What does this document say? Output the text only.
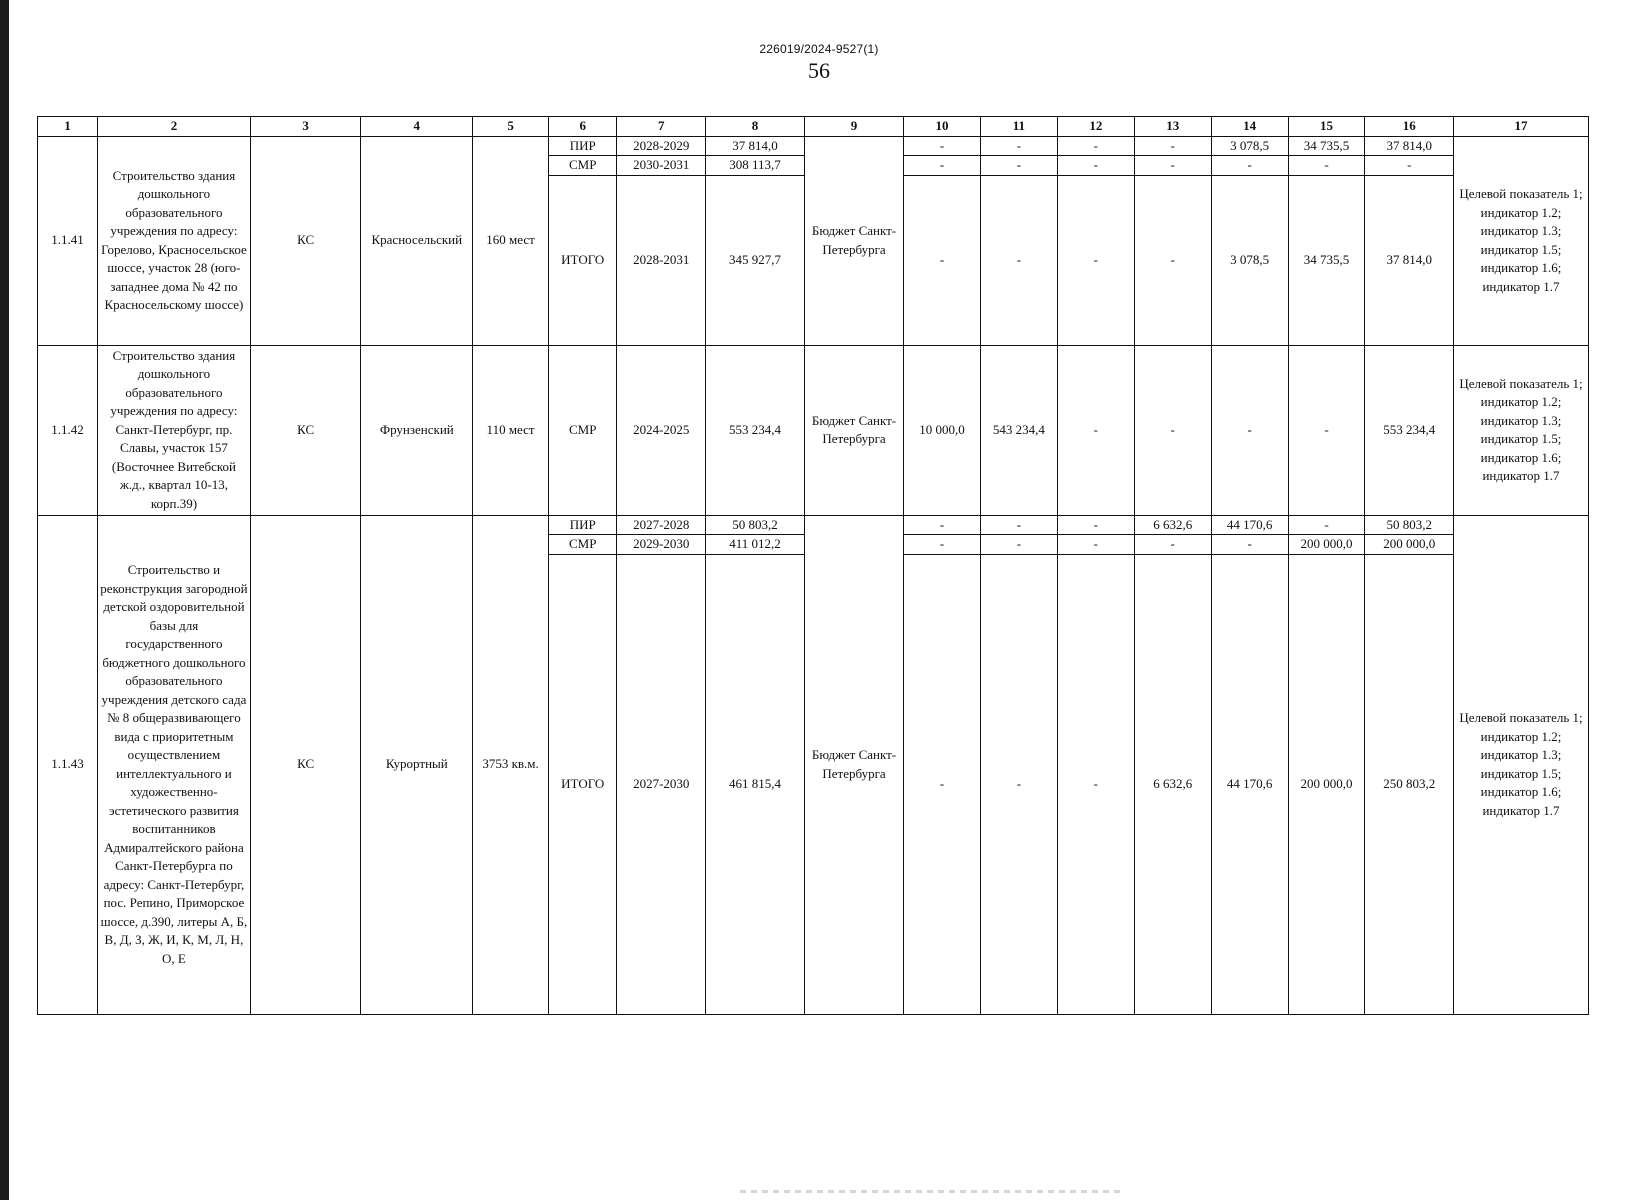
226019/2024-9527(1)
56
1	2	3	4	5	6	7	8	9	10	11	12	13	14	15	16	17
1.1.41	Строительство здания дошкольного образовательного учреждения по адресу: Горелово, Красносельское шоссе, участок 28 (юго-западнее дома № 42 по Красносельскому шоссе)	КС	Красносельский	160 мест	ПИР	2028-2029	37 814,0	Бюджет Санкт-Петербурга	-	-	-	-	3 078,5	34 735,5	37 814,0	Целевой показатель 1; индикатор 1.2; индикатор 1.3; индикатор 1.5; индикатор 1.6; индикатор 1.7
					СМР	2030-2031	308 113,7		-	-	-	-	-	-	-	
					ИТОГО	2028-2031	345 927,7		-	-	-	-	3 078,5	34 735,5	37 814,0	
1.1.42	Строительство здания дошкольного образовательного учреждения по адресу: Санкт-Петербург, пр. Славы, участок 157 (Восточнее Витебской ж.д., квартал 10-13, корп.39)	КС	Фрунзенский	110 мест	СМР	2024-2025	553 234,4	Бюджет Санкт-Петербурга	10 000,0	543 234,4	-	-	-	-	553 234,4	Целевой показатель 1; индикатор 1.2; индикатор 1.3; индикатор 1.5; индикатор 1.6; индикатор 1.7
1.1.43	Строительство и реконструкция загородной детской оздоровительной базы для государственного бюджетного дошкольного образовательного учреждения детского сада № 8 общеразвивающего вида с приоритетным осуществлением интеллектуального и художественно-эстетического развития воспитанников Адмиралтейского района Санкт-Петербурга по адресу: Санкт-Петербург, пос. Репино, Приморское шоссе, д.390, литеры А, Б, В, Д, З, Ж, И, К, М, Л, Н, О, Е	КС	Курортный	3753 кв.м.	ПИР	2027-2028	50 803,2	Бюджет Санкт-Петербурга	-	-	-	6 632,6	44 170,6	-	50 803,2	Целевой показатель 1; индикатор 1.2; индикатор 1.3; индикатор 1.5; индикатор 1.6; индикатор 1.7
					СМР	2029-2030	411 012,2		-	-	-	-	-	200 000,0	200 000,0	
					ИТОГО	2027-2030	461 815,4		-	-	-	6 632,6	44 170,6	200 000,0	250 803,2	
